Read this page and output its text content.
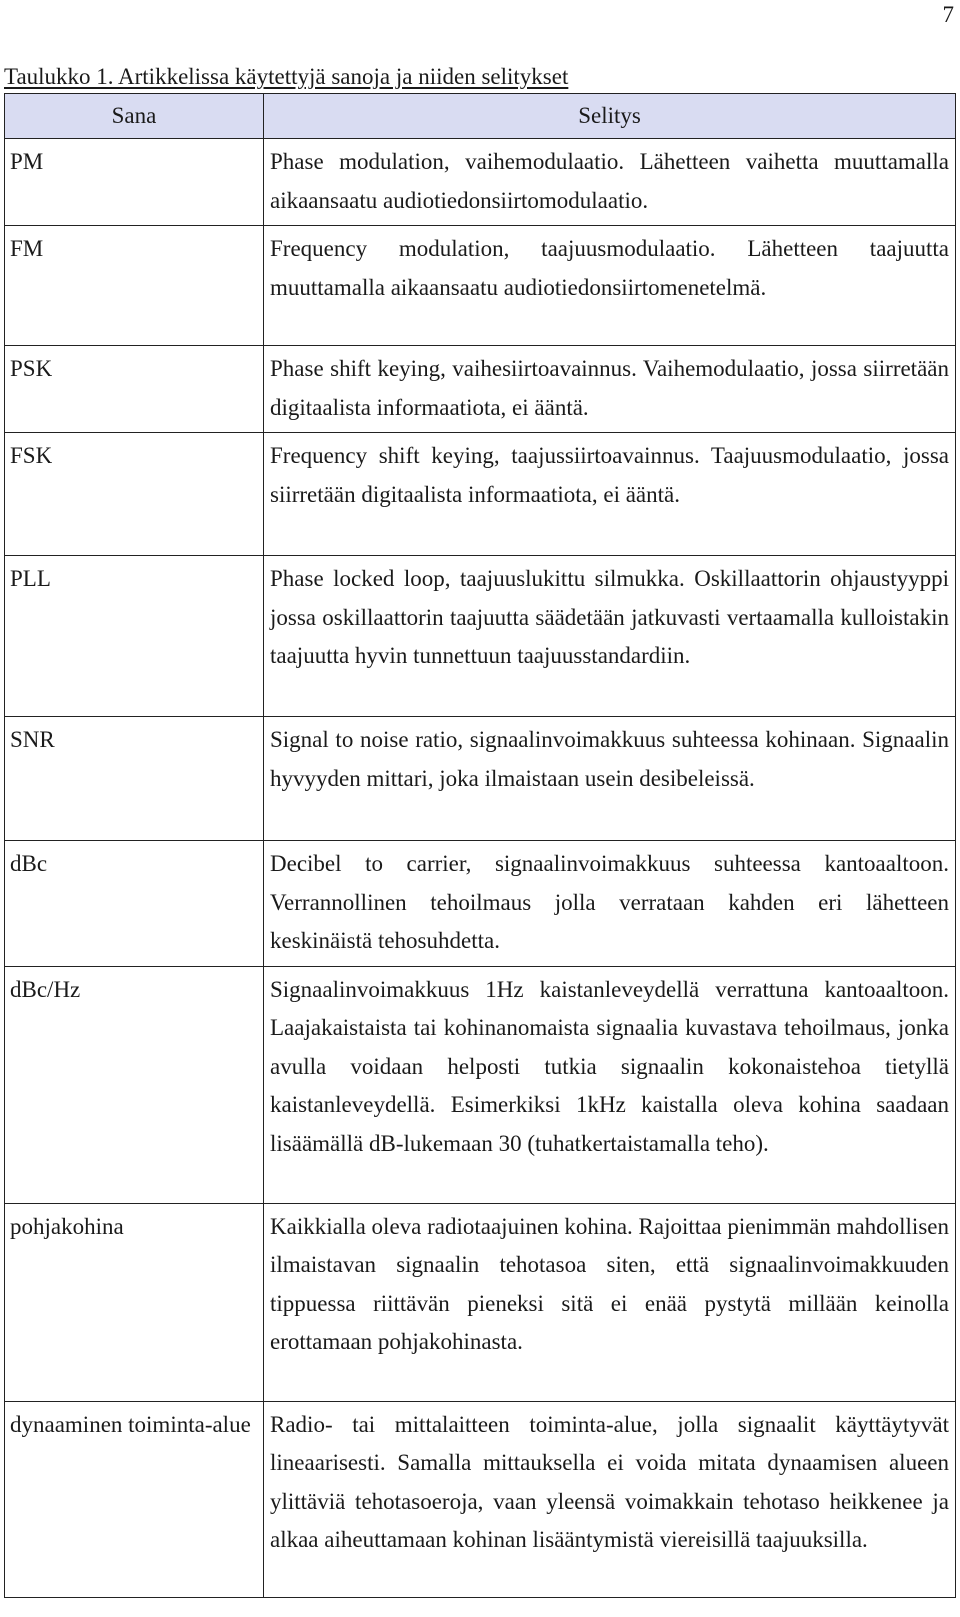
7
Taulukko 1. Artikkelissa käytettyjä sanoja ja niiden selitykset
Sana	Selitys
PM	Phase modulation, vaihemodulaatio. Lähetteen vaihetta muuttamalla aikaansaatu audiotiedonsiirtomodulaatio.
FM	Frequency modulation, taajuusmodulaatio. Lähetteen taajuutta muuttamalla aikaansaatu audiotiedonsiirtomenetelmä.
PSK	Phase shift keying, vaihesiirtoavainnus. Vaihemodulaatio, jossa siirretään digitaalista informaatiota, ei ääntä.
FSK	Frequency shift keying, taajussiirtoavainnus. Taajuusmodulaatio, jossa siirretään digitaalista informaatiota, ei ääntä.
PLL	Phase locked loop, taajuuslukittu silmukka. Oskillaattorin ohjaustyyppi jossa oskillaattorin taajuutta säädetään jatkuvasti vertaamalla kulloistakin taajuutta hyvin tunnettuun taajuusstandardiin.
SNR	Signal to noise ratio, signaalinvoimakkuus suhteessa kohinaan. Signaalin hyvyyden mittari, joka ilmaistaan usein desibeleissä.
dBc	Decibel to carrier, signaalinvoimakkuus suhteessa kantoaaltoon. Verrannollinen tehoilmaus jolla verrataan kahden eri lähetteen keskinäistä tehosuhdetta.
dBc/Hz	Signaalinvoimakkuus 1Hz kaistanleveydellä verrattuna kantoaaltoon. Laajakaistaista tai kohinanomaista signaalia kuvastava tehoilmaus, jonka avulla voidaan helposti tutkia signaalin kokonaistehoa tietyllä kaistanleveydellä. Esimerkiksi 1kHz kaistalla oleva kohina saadaan lisäämällä dB-lukemaan 30 (tuhatkertaistamalla teho).
pohjakohina	Kaikkialla oleva radiotaajuinen kohina. Rajoittaa pienimmän mahdollisen ilmaistavan signaalin tehotasoa siten, että signaalinvoimakkuuden tippuessa riittävän pieneksi sitä ei enää pystytä millään keinolla erottamaan pohjakohinasta.
dynaaminen toiminta-alue	Radio- tai mittalaitteen toiminta-alue, jolla signaalit käyttäytyvät lineaarisesti. Samalla mittauksella ei voida mitata dynaamisen alueen ylittäviä tehotasoeroja, vaan yleensä voimakkain tehotaso heikkenee ja alkaa aiheuttamaan kohinan lisääntymistä viereisillä taajuuksilla.
